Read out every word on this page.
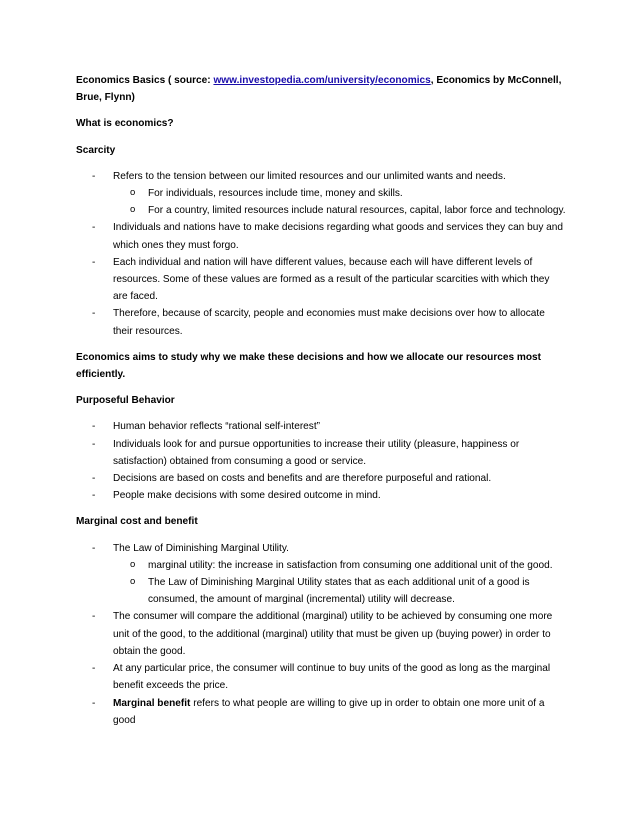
Economics Basics ( source: www.investopedia.com/university/economics, Economics by McConnell, Brue, Flynn)

What is economics?

Scarcity

- Refers to the tension between our limited resources and our unlimited wants and needs.
o For individuals, resources include time, money and skills.
o For a country, limited resources include natural resources, capital, labor force and technology.
- Individuals and nations have to make decisions regarding what goods and services they can buy and which ones they must forgo.
- Each individual and nation will have different values, because each will have different levels of resources. Some of these values are formed as a result of the particular scarcities with which they are faced.
- Therefore, because of scarcity, people and economies must make decisions over how to allocate their resources.

Economics aims to study why we make these decisions and how we allocate our resources most efficiently.

Purposeful Behavior

- Human behavior reflects “rational self-interest”
- Individuals look for and pursue opportunities to increase their utility (pleasure, happiness or satisfaction) obtained from consuming a good or service.
- Decisions are based on costs and benefits and are therefore purposeful and rational.
- People make decisions with some desired outcome in mind.

Marginal cost and benefit

- The Law of Diminishing Marginal Utility.
o marginal utility: the increase in satisfaction from consuming one additional unit of the good.
o The Law of Diminishing Marginal Utility states that as each additional unit of a good is consumed, the amount of marginal (incremental) utility will decrease.
- The consumer will compare the additional (marginal) utility to be achieved by consuming one more unit of the good, to the additional (marginal) utility that must be given up (buying power) in order to obtain the good.
- At any particular price, the consumer will continue to buy units of the good as long as the marginal benefit exceeds the price.
- Marginal benefit refers to what people are willing to give up in order to obtain one more unit of a good
